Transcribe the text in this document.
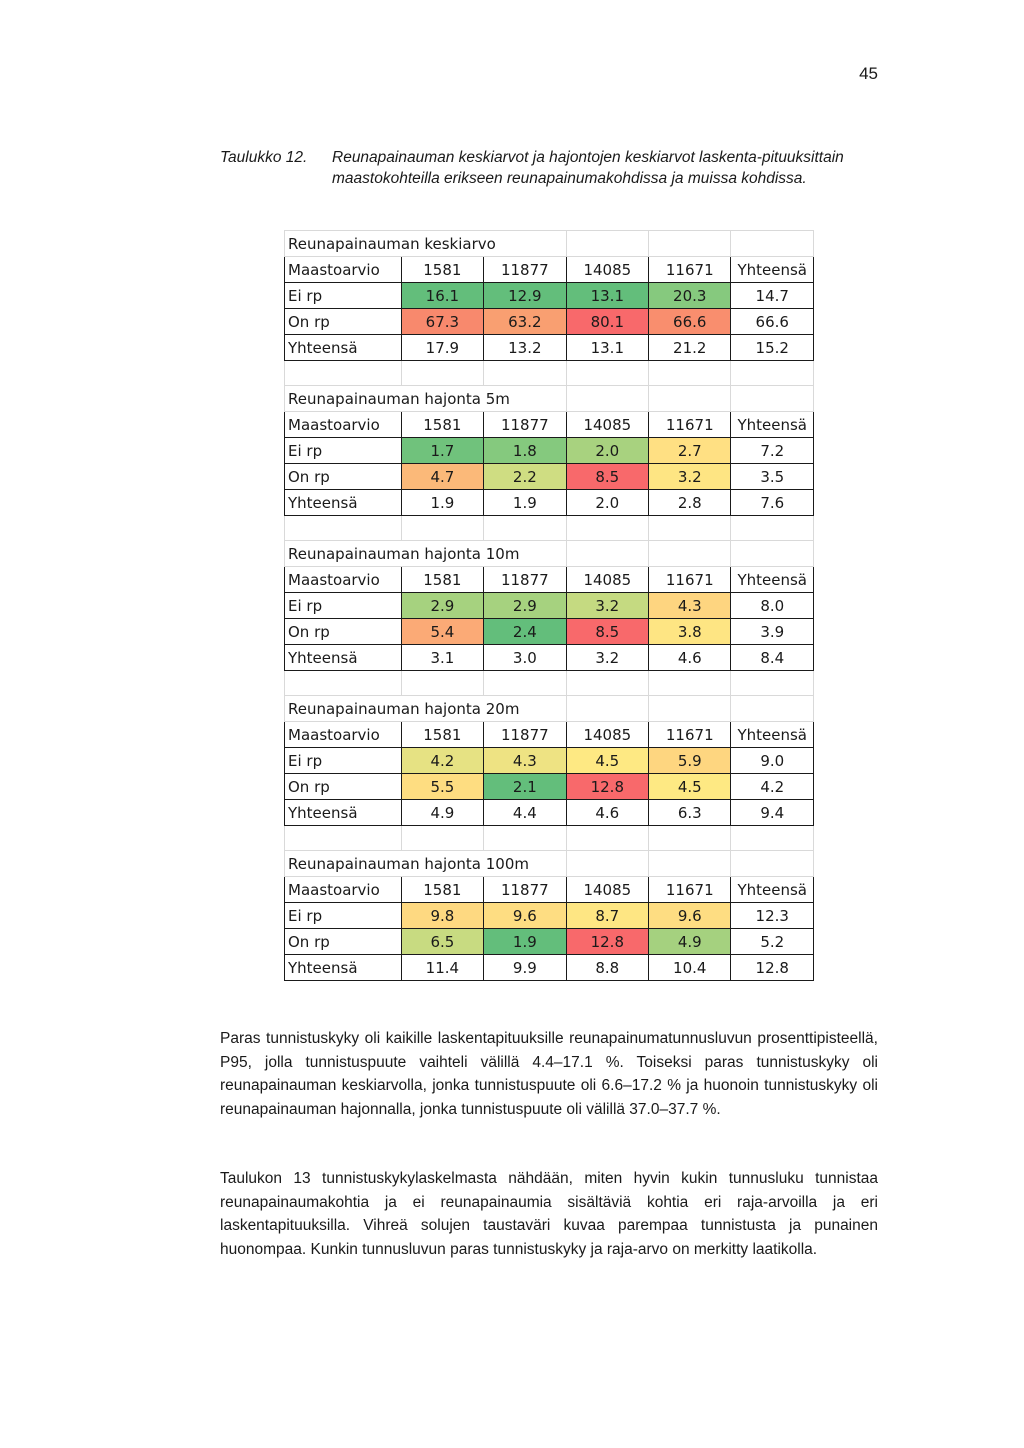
45
Taulukko 12.	Reunapainauman keskiarvot ja hajontojen keskiarvot laskenta-pituuksittain maastokohteilla erikseen reunapainumakohdissa ja muissa kohdissa.
Reunapainauman keskiarvo					
Maastoarvio	1581	11877	14085	11671	Yhteensä
Ei rp	16.1	12.9	13.1	20.3	14.7
On rp	67.3	63.2	80.1	66.6	66.6
Yhteensä	17.9	13.2	13.1	21.2	15.2

Reunapainauman hajonta 5m					
Maastoarvio	1581	11877	14085	11671	Yhteensä
Ei rp	1.7	1.8	2.0	2.7	7.2
On rp	4.7	2.2	8.5	3.2	3.5
Yhteensä	1.9	1.9	2.0	2.8	7.6

Reunapainauman hajonta 10m					
Maastoarvio	1581	11877	14085	11671	Yhteensä
Ei rp	2.9	2.9	3.2	4.3	8.0
On rp	5.4	2.4	8.5	3.8	3.9
Yhteensä	3.1	3.0	3.2	4.6	8.4

Reunapainauman hajonta 20m					
Maastoarvio	1581	11877	14085	11671	Yhteensä
Ei rp	4.2	4.3	4.5	5.9	9.0
On rp	5.5	2.1	12.8	4.5	4.2
Yhteensä	4.9	4.4	4.6	6.3	9.4

Reunapainauman hajonta 100m					
Maastoarvio	1581	11877	14085	11671	Yhteensä
Ei rp	9.8	9.6	8.7	9.6	12.3
On rp	6.5	1.9	12.8	4.9	5.2
Yhteensä	11.4	9.9	8.8	10.4	12.8
Paras tunnistuskyky oli kaikille laskentapituuksille reunapainumatunnusluvun prosenttipisteellä, P95, jolla tunnistuspuute vaihteli välillä 4.4–17.1 %. Toiseksi paras tunnistuskyky oli reunapainauman keskiarvolla, jonka tunnistuspuute oli 6.6–17.2 % ja huonoin tunnistuskyky oli reunapainauman hajonnalla, jonka tunnistuspuute oli välillä 37.0–37.7 %.
Taulukon 13 tunnistuskykylaskelmasta nähdään, miten hyvin kukin tunnusluku tunnistaa reunapainaumakohtia ja ei reunapainaumia sisältäviä kohtia eri raja-arvoilla ja eri laskentapituuksilla. Vihreä solujen taustaväri kuvaa parempaa tunnistusta ja punainen huonompaa. Kunkin tunnusluvun paras tunnistuskyky ja raja-arvo on merkitty laatikolla.
